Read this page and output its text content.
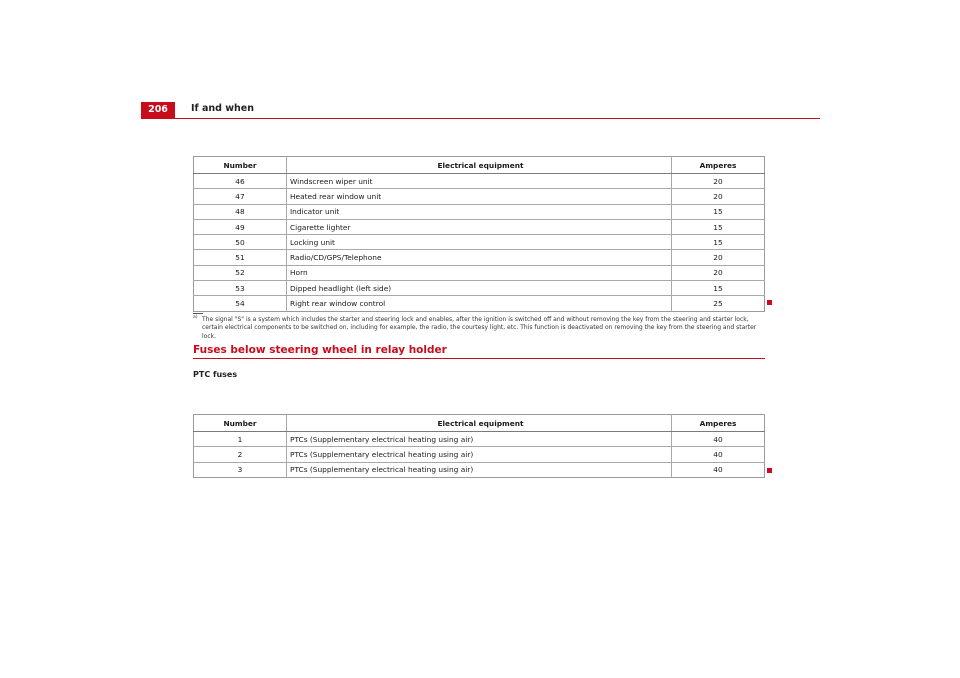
206	If and when
Number	Electrical equipment	Amperes
46	Windscreen wiper unit	20
47	Heated rear window unit	20
48	Indicator unit	15
49	Cigarette lighter	15
50	Locking unit	15
51	Radio/CD/GPS/Telephone	20
52	Horn	20
53	Dipped headlight (left side)	15
54	Right rear window control	25
a) The signal "S" is a system which includes the starter and steering lock and enables, after the ignition is switched off and without removing the key from the steering and starter lock, certain electrical components to be switched on, including for example, the radio, the courtesy light, etc. This function is deactivated on removing the key from the steering and starter lock.
Fuses below steering wheel in relay holder
PTC fuses
Number	Electrical equipment	Amperes
1	PTCs (Supplementary electrical heating using air)	40
2	PTCs (Supplementary electrical heating using air)	40
3	PTCs (Supplementary electrical heating using air)	40
